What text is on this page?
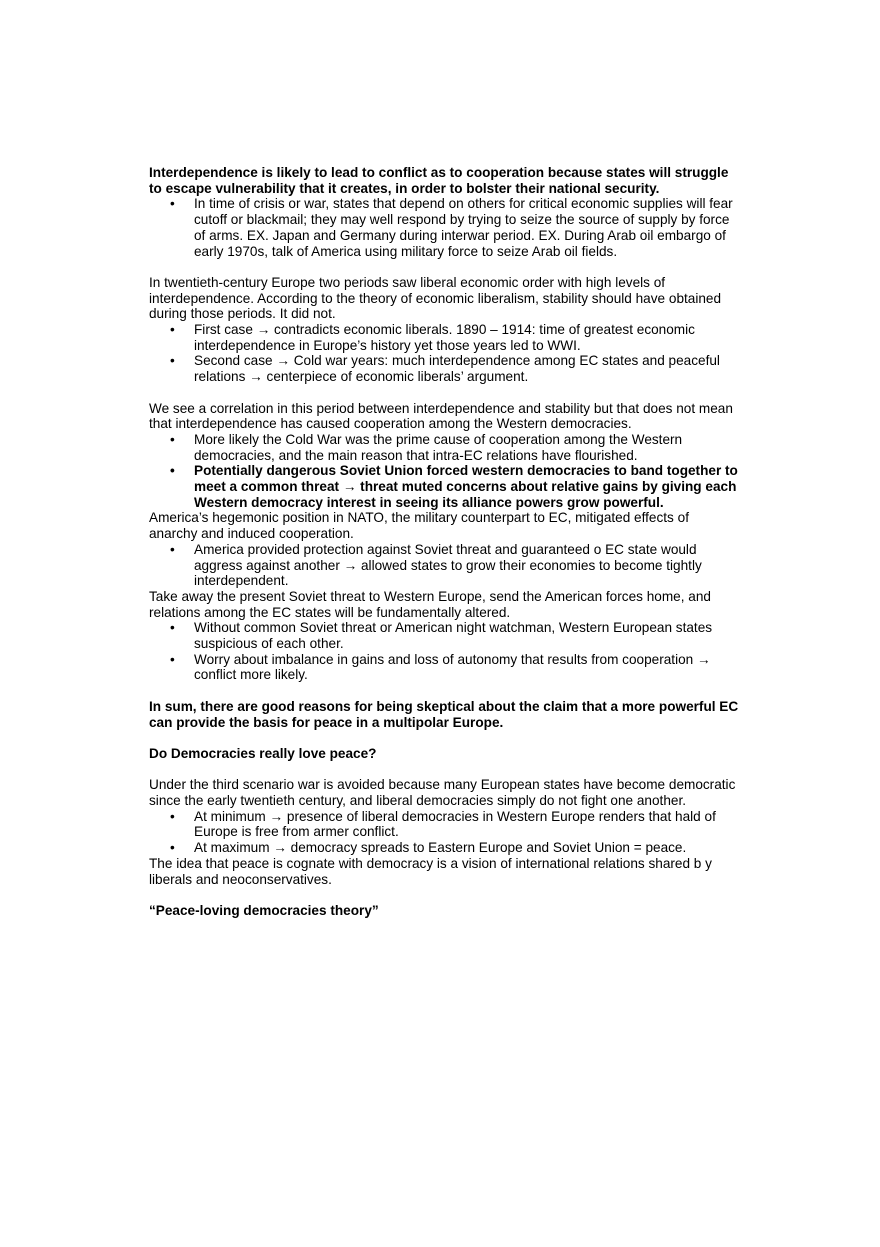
Interdependence is likely to lead to conflict as to cooperation because states will struggle to escape vulnerability that it creates, in order to bolster their national security.

• In time of crisis or war, states that depend on others for critical economic supplies will fear cutoff or blackmail; they may well respond by trying to seize the source of supply by force of arms. EX. Japan and Germany during interwar period. EX. During Arab oil embargo of early 1970s, talk of America using military force to seize Arab oil fields.

In twentieth-century Europe two periods saw liberal economic order with high levels of interdependence. According to the theory of economic liberalism, stability should have obtained during those periods. It did not.

• First case → contradicts economic liberals. 1890 – 1914: time of greatest economic interdependence in Europe’s history yet those years led to WWI.
• Second case → Cold war years: much interdependence among EC states and peaceful relations → centerpiece of economic liberals’ argument.

We see a correlation in this period between interdependence and stability but that does not mean that interdependence has caused cooperation among the Western democracies.

• More likely the Cold War was the prime cause of cooperation among the Western democracies, and the main reason that intra-EC relations have flourished.
• Potentially dangerous Soviet Union forced western democracies to band together to meet a common threat → threat muted concerns about relative gains by giving each Western democracy interest in seeing its alliance powers grow powerful.

America’s hegemonic position in NATO, the military counterpart to EC, mitigated effects of anarchy and induced cooperation.

• America provided protection against Soviet threat and guaranteed o EC state would aggress against another → allowed states to grow their economies to become tightly interdependent.

Take away the present Soviet threat to Western Europe, send the American forces home, and relations among the EC states will be fundamentally altered.

• Without common Soviet threat or American night watchman, Western European states suspicious of each other.
• Worry about imbalance in gains and loss of autonomy that results from cooperation → conflict more likely.

In sum, there are good reasons for being skeptical about the claim that a more powerful EC can provide the basis for peace in a multipolar Europe.

Do Democracies really love peace?

Under the third scenario war is avoided because many European states have become democratic since the early twentieth century, and liberal democracies simply do not fight one another.

• At minimum → presence of liberal democracies in Western Europe renders that hald of Europe is free from armer conflict.
• At maximum → democracy spreads to Eastern Europe and Soviet Union = peace.

The idea that peace is cognate with democracy is a vision of international relations shared b y liberals and neoconservatives.

“Peace-loving democracies theory”
